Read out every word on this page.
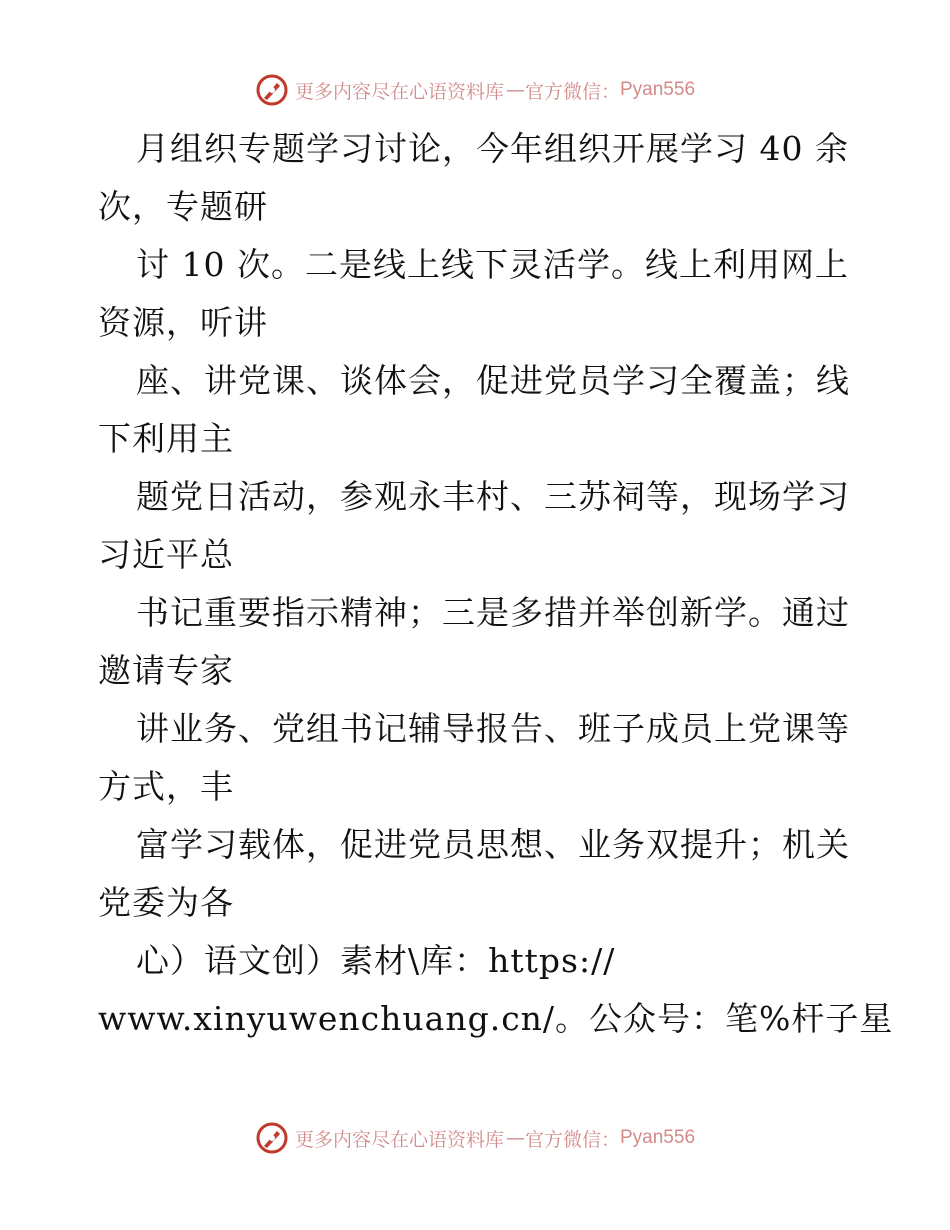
更多内容尽在心语资料库 — 官方微信： Pyan556
月组织专题学习讨论，今年组织开展学习 40 余
次，专题研
讨 10 次。二是线上线下灵活学。线上利用网上
资源，听讲
座、讲党课、谈体会，促进党员学习全覆盖；线
下利用主
题党日活动，参观永丰村、三苏祠等，现场学习
习近平总
书记重要指示精神；三是多措并举创新学。通过
邀请专家
讲业务、党组书记辅导报告、班子成员上党课等
方式，丰
富学习载体，促进党员思想、业务双提升；机关
党委为各
心）语文创）素材\库：https://
www.xinyuwenchuang.cn/。公众号：笔%杆子星
更多内容尽在心语资料库 — 官方微信： Pyan556
